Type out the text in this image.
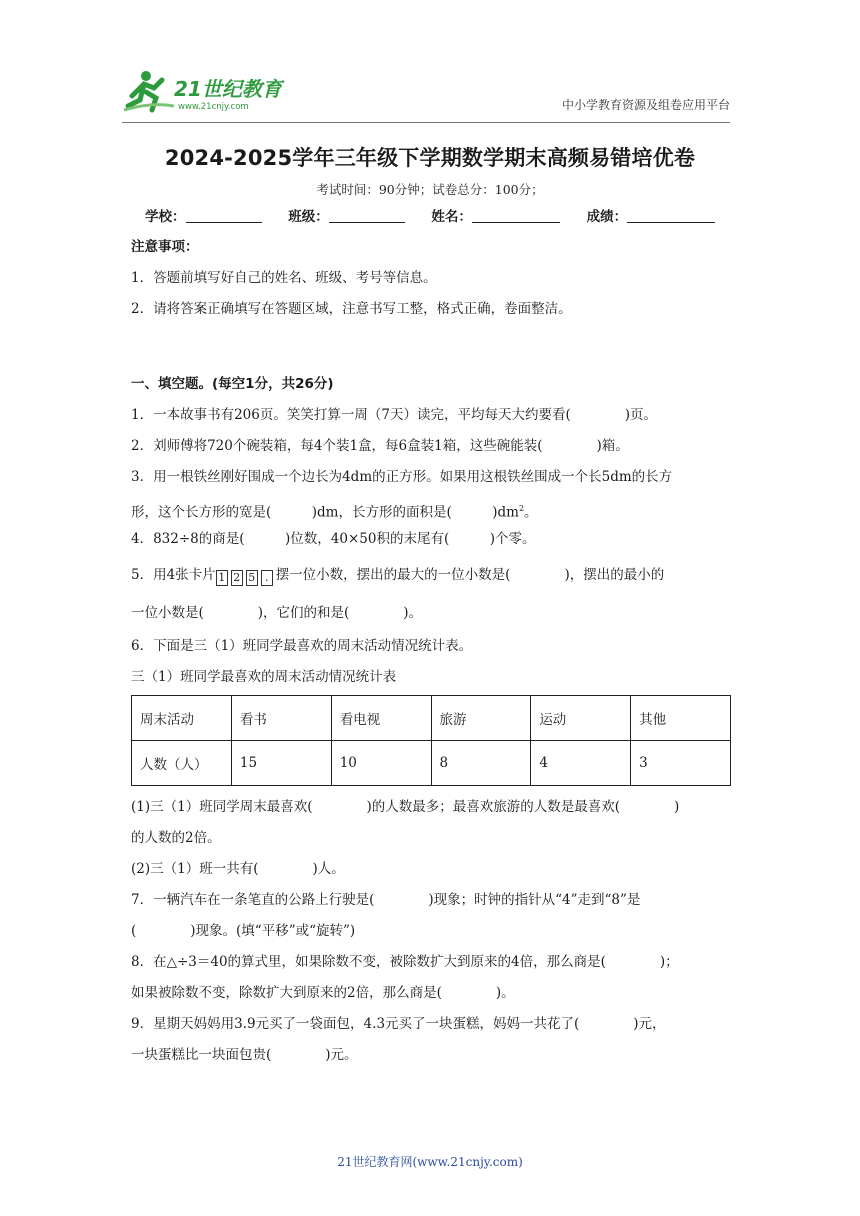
21世纪教育
www.21cnjy.com	中小学教育资源及组卷应用平台
2024-2025学年三年级下学期数学期末高频易错培优卷
考试时间：90分钟；试卷总分：100分；
学校：	班级：	姓名：	成绩：
注意事项：
1．答题前填写好自己的姓名、班级、考号等信息。
2．请将答案正确填写在答题区域，注意书写工整，格式正确，卷面整洁。
一、填空题。(每空1分，共26分)
1．一本故事书有206页。笑笑打算一周（7天）读完，平均每天大约要看(　　　　)页。
2．刘师傅将720个碗装箱，每4个装1盒，每6盒装1箱，这些碗能装(　　　　)箱。
3．用一根铁丝刚好围成一个边长为4dm的正方形。如果用这根铁丝围成一个长5dm的长方
形，这个长方形的宽是(　　　)dm，长方形的面积是(　　　)$dm^2$。
4．832÷8的商是(　　　)位数，40×50积的末尾有(　　　)个零。
5．用4张卡片 1 2 5 . 摆一位小数，摆出的最大的一位小数是(　　　　)，摆出的最小的
一位小数是(　　　　)，它们的和是(　　　　)。
6．下面是三（1）班同学最喜欢的周末活动情况统计表。
三（1）班同学最喜欢的周末活动情况统计表
周末活动	看书	看电视	旅游	运动	其他
人数（人）	15	10	8	4	3
(1)三（1）班同学周末最喜欢(　　　　)的人数最多；最喜欢旅游的人数是最喜欢(　　　　)
的人数的2倍。
(2)三（1）班一共有(　　　　)人。
7．一辆汽车在一条笔直的公路上行驶是(　　　　)现象；时钟的指针从“4”走到“8”是
(　　　　)现象。(填“平移”或“旋转”)
8．在△÷3＝40的算式里，如果除数不变，被除数扩大到原来的4倍，那么商是(　　　　)；
如果被除数不变，除数扩大到原来的2倍，那么商是(　　　　)。
9．星期天妈妈用3.9元买了一袋面包，4.3元买了一块蛋糕，妈妈一共花了(　　　　)元，
一块蛋糕比一块面包贵(　　　　)元。
21世纪教育网(www.21cnjy.com)
